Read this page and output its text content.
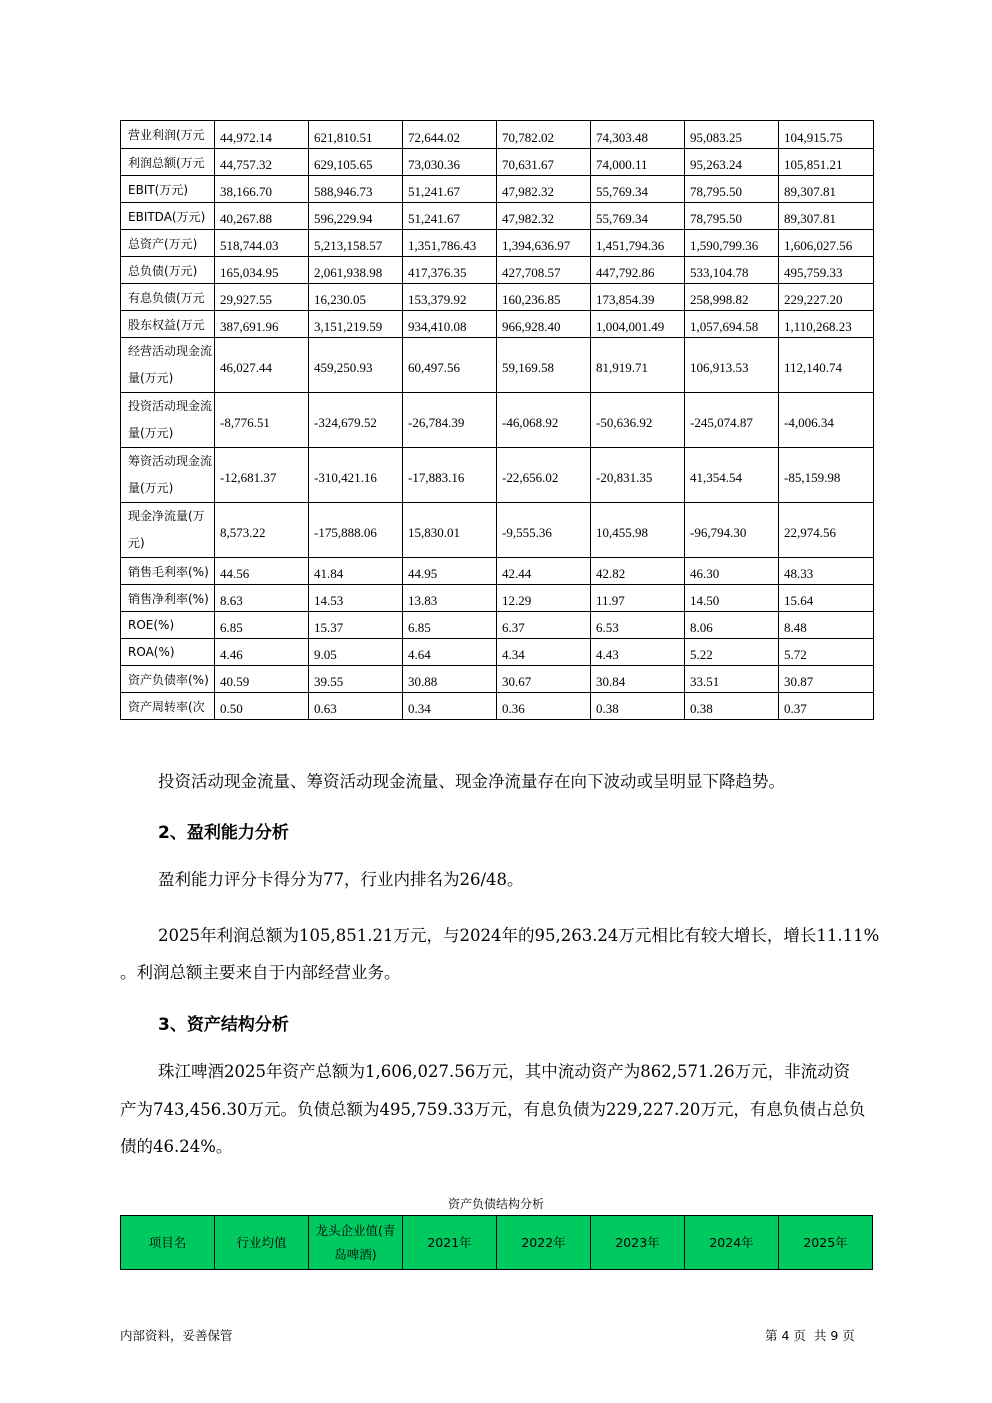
营业利润(万元	44,972.14	621,810.51	72,644.02	70,782.02	74,303.48	95,083.25	104,915.75
利润总额(万元	44,757.32	629,105.65	73,030.36	70,631.67	74,000.11	95,263.24	105,851.21
EBIT(万元)	38,166.70	588,946.73	51,241.67	47,982.32	55,769.34	78,795.50	89,307.81
EBITDA(万元)	40,267.88	596,229.94	51,241.67	47,982.32	55,769.34	78,795.50	89,307.81
总资产(万元)	518,744.03	5,213,158.57	1,351,786.43	1,394,636.97	1,451,794.36	1,590,799.36	1,606,027.56
总负债(万元)	165,034.95	2,061,938.98	417,376.35	427,708.57	447,792.86	533,104.78	495,759.33
有息负债(万元	29,927.55	16,230.05	153,379.92	160,236.85	173,854.39	258,998.82	229,227.20
股东权益(万元	387,691.96	3,151,219.59	934,410.08	966,928.40	1,004,001.49	1,057,694.58	1,110,268.23
经营活动现金流量(万元)	46,027.44	459,250.93	60,497.56	59,169.58	81,919.71	106,913.53	112,140.74
投资活动现金流量(万元)	-8,776.51	-324,679.52	-26,784.39	-46,068.92	-50,636.92	-245,074.87	-4,006.34
筹资活动现金流量(万元)	-12,681.37	-310,421.16	-17,883.16	-22,656.02	-20,831.35	41,354.54	-85,159.98
现金净流量(万元)	8,573.22	-175,888.06	15,830.01	-9,555.36	10,455.98	-96,794.30	22,974.56
销售毛利率(%)	44.56	41.84	44.95	42.44	42.82	46.30	48.33
销售净利率(%)	8.63	14.53	13.83	12.29	11.97	14.50	15.64
ROE(%)	6.85	15.37	6.85	6.37	6.53	8.06	8.48
ROA(%)	4.46	9.05	4.64	4.34	4.43	5.22	5.72
资产负债率(%)	40.59	39.55	30.88	30.67	30.84	33.51	30.87
资产周转率(次	0.50	0.63	0.34	0.36	0.38	0.38	0.37
投资活动现金流量、筹资活动现金流量、现金净流量存在向下波动或呈明显下降趋势。
2、盈利能力分析
盈利能力评分卡得分为77，行业内排名为26/48。
2025年利润总额为105,851.21万元，与2024年的95,263.24万元相比有较大增长，增长11.11%
。利润总额主要来自于内部经营业务。
3、资产结构分析
珠江啤酒2025年资产总额为1,606,027.56万元，其中流动资产为862,571.26万元，非流动资
产为743,456.30万元。负债总额为495,759.33万元，有息负债为229,227.20万元，有息负债占总负
债的46.24%。
资产负债结构分析
项目名	行业均值	龙头企业值(青岛啤酒)	2021年	2022年	2023年	2024年	2025年
内部资料，妥善保管	第 4 页  共 9 页
